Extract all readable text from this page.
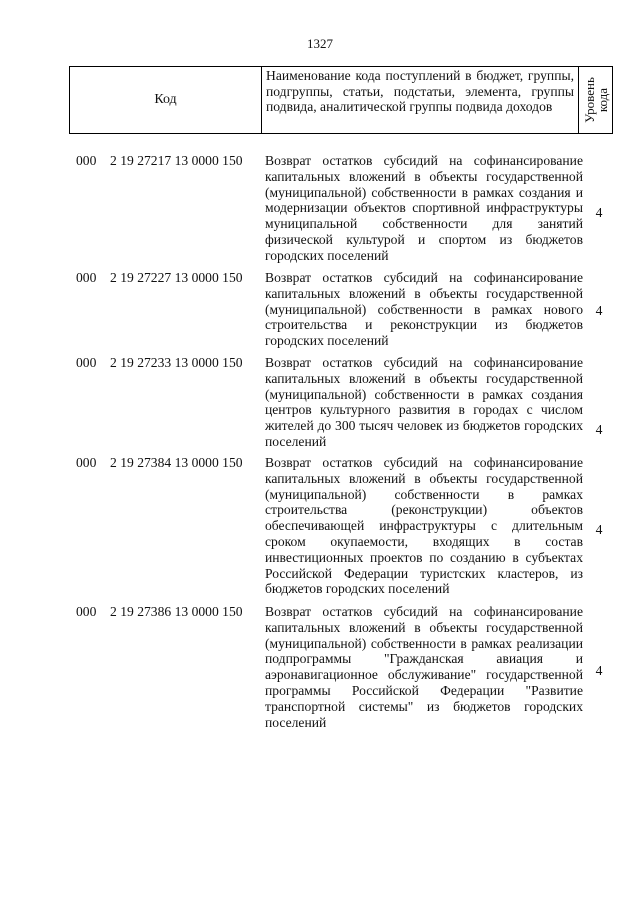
1327
Код
Наименование кода поступлений в бюджет, группы, подгруппы, статьи, подстатьи, элемента, группы подвида, аналитической группы подвида доходов	Уровень
кода
000 2 19 27217 13 0000 150 Возврат остатков субсидий на софинансирование капитальных вложений в объекты государственной (муниципальной) собственности в рамках создания и модернизации объектов спортивной инфраструктуры муниципальной собственности для занятий физической культурой и спортом из бюджетов городских поселений
4
000 2 19 27227 13 0000 150 Возврат остатков субсидий на софинансирование капитальных вложений в объекты государственной (муниципальной) собственности в рамках нового строительства и реконструкции из бюджетов городских поселений
4
000 2 19 27233 13 0000 150 Возврат остатков субсидий на софинансирование капитальных вложений в объекты государственной (муниципальной) собственности в рамках создания центров культурного развития в городах с числом жителей до 300 тысяч человек из бюджетов городских поселений
4
000 2 19 27384 13 0000 150 Возврат остатков субсидий на софинансирование капитальных вложений в объекты государственной (муниципальной) собственности в рамках строительства (реконструкции) объектов обеспечивающей инфраструктуры с длительным сроком окупаемости, входящих в состав инвестиционных проектов по созданию в субъектах Российской Федерации туристских кластеров, из бюджетов городских поселений
4
000 2 19 27386 13 0000 150 Возврат остатков субсидий на софинансирование капитальных вложений в объекты государственной (муниципальной) собственности в рамках реализации подпрограммы "Гражданская авиация и аэронавигационное обслуживание" государственной программы Российской Федерации "Развитие транспортной системы" из бюджетов городских поселений
4
